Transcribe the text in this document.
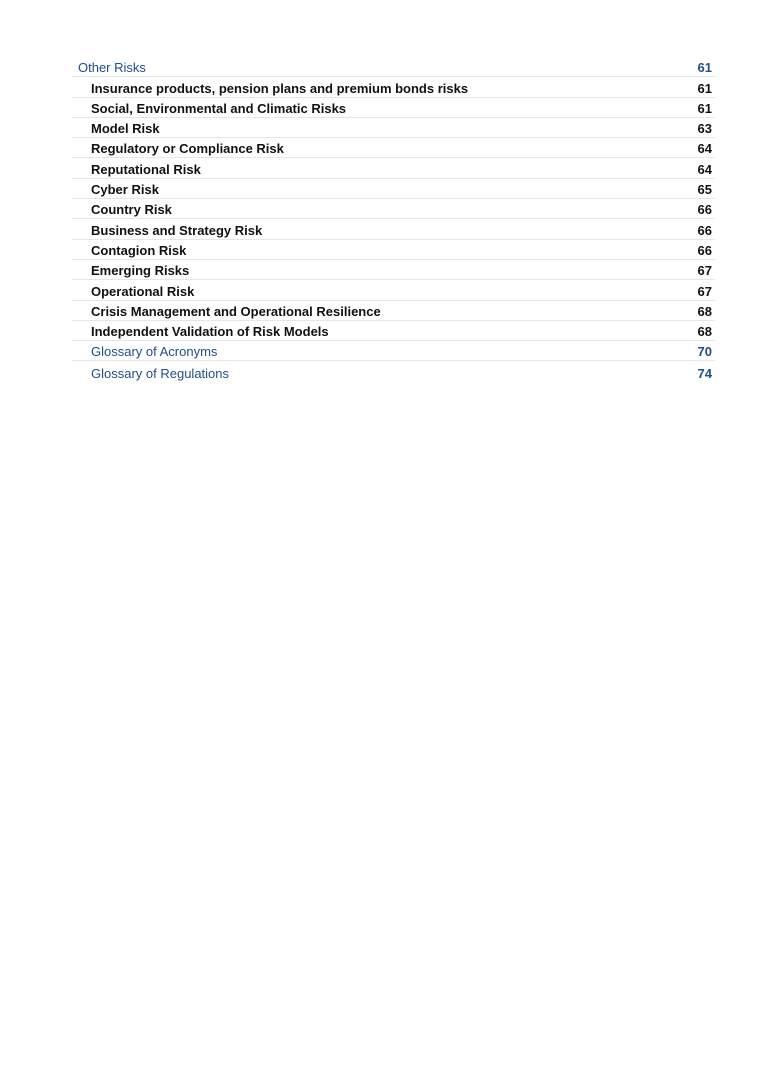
Other Risks	61
Insurance products, pension plans and premium bonds risks	61
Social, Environmental and Climatic Risks	61
Model Risk	63
Regulatory or Compliance Risk	64
Reputational Risk	64
Cyber Risk	65
Country Risk	66
Business and Strategy Risk	66
Contagion Risk	66
Emerging Risks	67
Operational Risk	67
Crisis Management and Operational Resilience	68
Independent Validation of Risk Models	68
Glossary of Acronyms	70
Glossary of Regulations	74
